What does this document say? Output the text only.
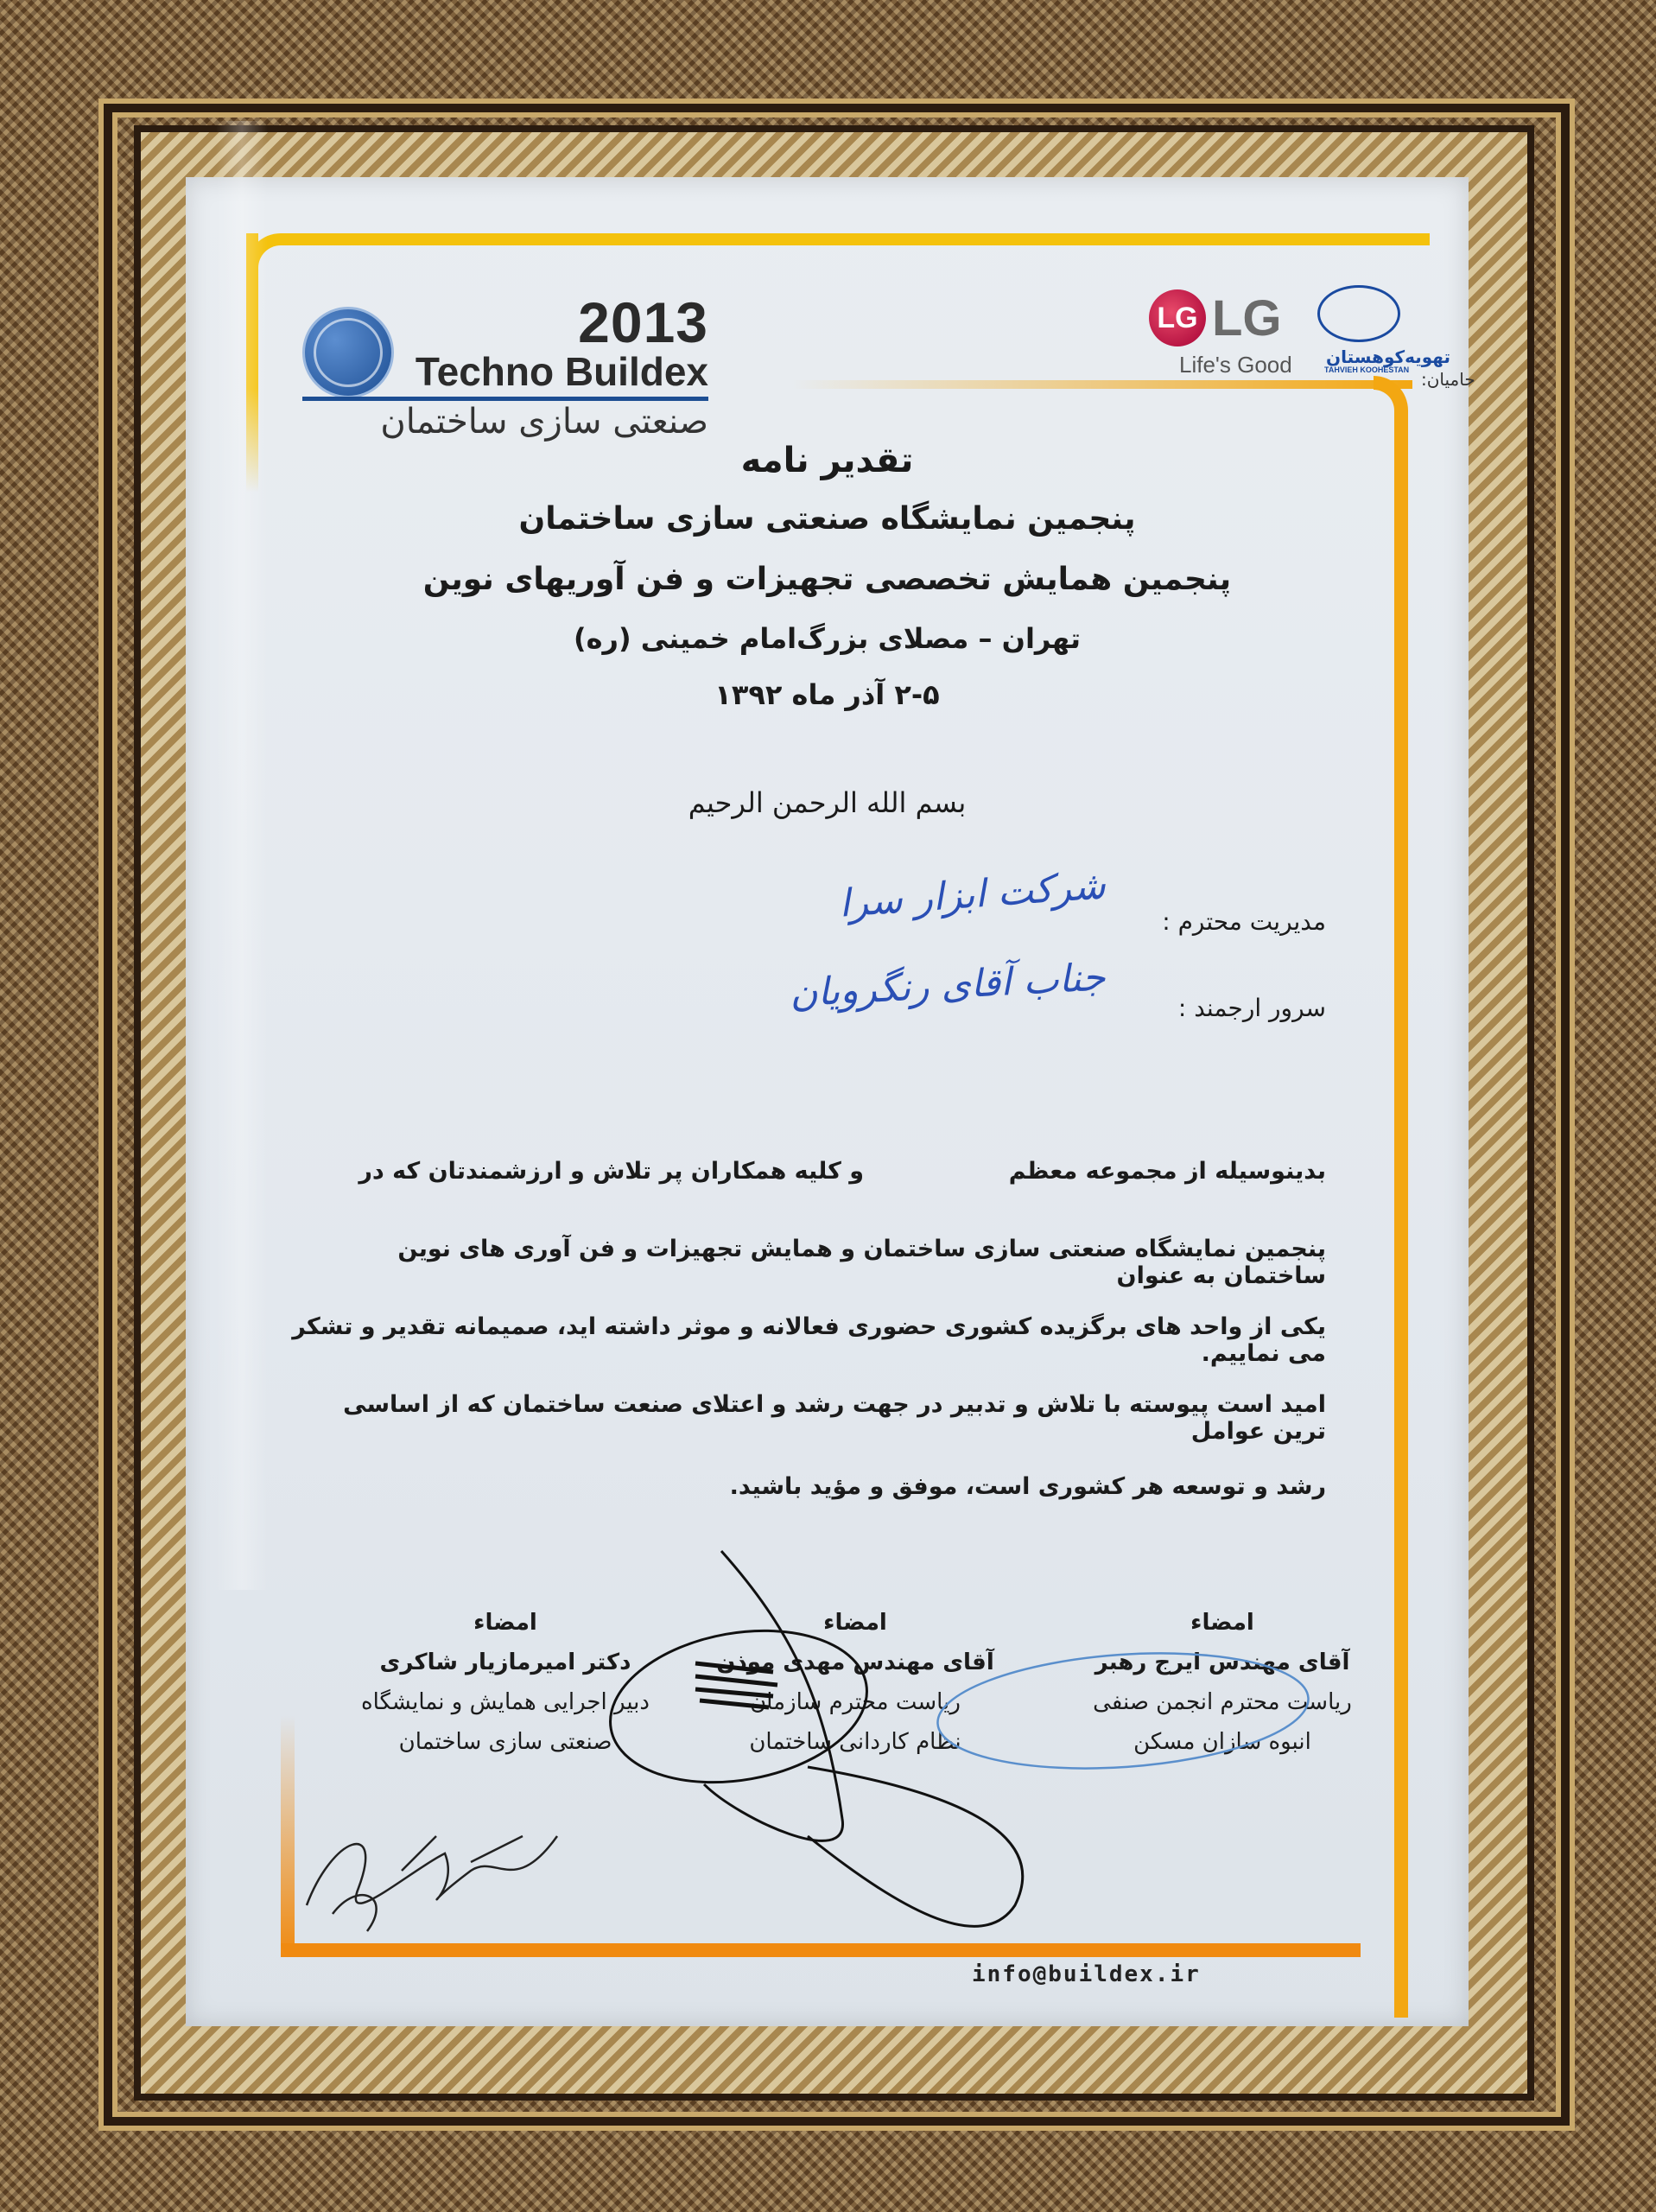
2013
Techno Buildex
صنعتی سازی ساختمان
LG LG
Life's Good تهویه‌کوهستان
TAHVIEH KOOHESTAN حامیان:
تقدیر نامه
پنجمین نمایشگاه صنعتی سازی ساختمان
پنجمین همایش تخصصی تجهیزات و فن آوریهای نوین
تهران – مصلای بزرگ‌امام خمینی (ره)
۲-۵ آذر ماه ۱۳۹۲
بسم الله الرحمن الرحیم
مدیریت محترم :
شرکت ابزار سرا
سرور ارجمند :
جناب آقای رنگرویان
بدینوسیله از مجموعه معظم
و کلیه همکاران پر تلاش و ارزشمندتان که در
پنجمین نمایشگاه صنعتی سازی ساختمان و همایش تجهیزات و فن آوری های نوین ساختمان به عنوان
یکی از واحد های برگزیده کشوری حضوری فعالانه و موثر داشته اید، صمیمانه تقدیر و تشکر می نماییم.
امید است پیوسته با تلاش و تدبیر در جهت رشد و اعتلای صنعت ساختمان که از اساسی ترین عوامل
رشد و توسعه هر کشوری است، موفق و مؤید باشید.
امضاء
دکتر امیرمازیار شاکری
دبیر اجرایی همایش و نمایشگاه
صنعتی سازی ساختمان
امضاء
آقای مهندس مهدی موذن
ریاست محترم سازمان
نظام کاردانی ساختمان
امضاء
آقای مهندس ایرج رهبر
ریاست محترم انجمن صنفی
انبوه سازان مسکن
info@buildex.ir
